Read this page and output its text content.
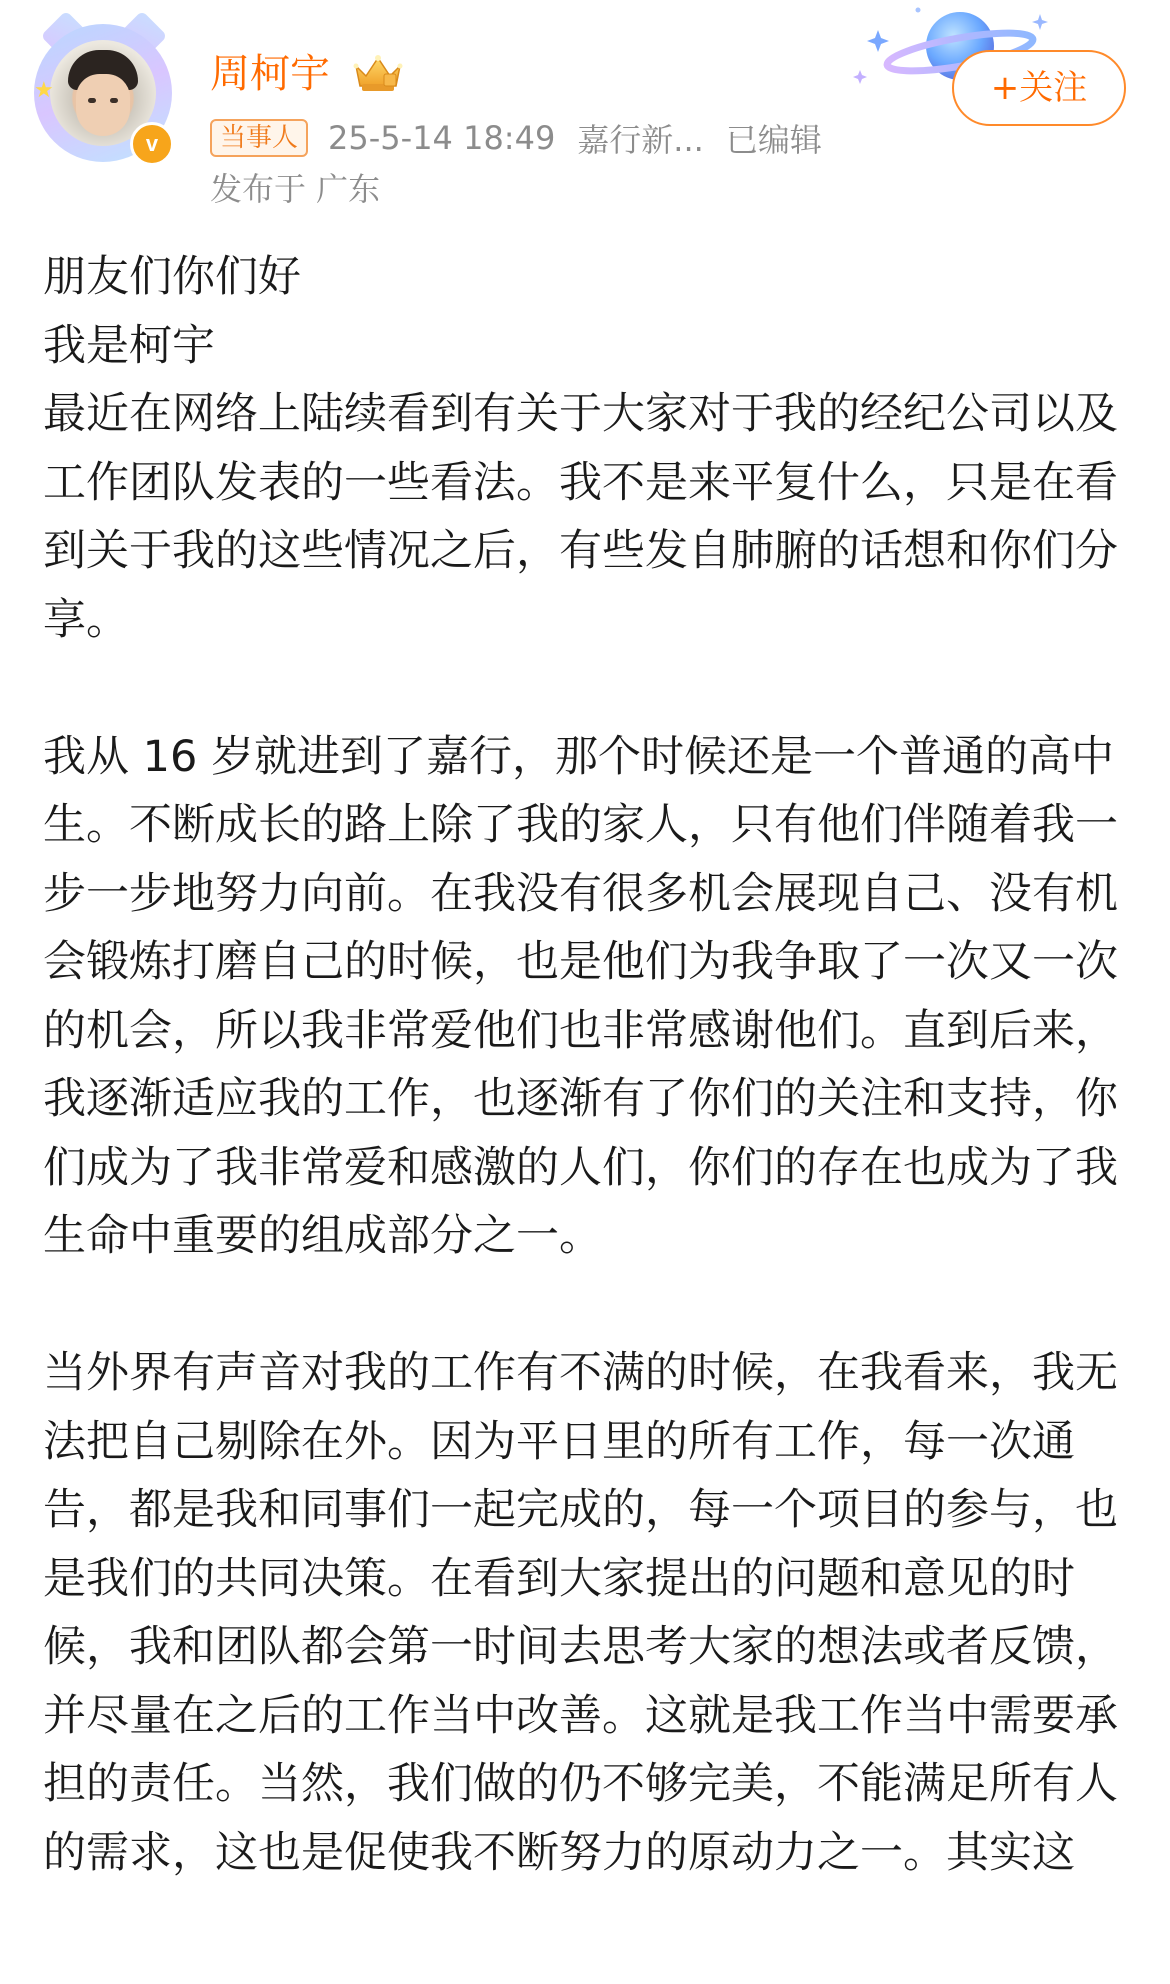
★
v
周柯宇
当事人 25-5-14 18:49 嘉行新... 已编辑
发布于 广东
+关注

朋友们你们好
我是柯宇
最近在网络上陆续看到有关于大家对于我的经纪公司以及工作团队发表的一些看法。我不是来平复什么，只是在看到关于我的这些情况之后，有些发自肺腑的话想和你们分享。

我从 16 岁就进到了嘉行，那个时候还是一个普通的高中生。不断成长的路上除了我的家人，只有他们伴随着我一步一步地努力向前。在我没有很多机会展现自己、没有机会锻炼打磨自己的时候，也是他们为我争取了一次又一次的机会，所以我非常爱他们也非常感谢他们。直到后来，我逐渐适应我的工作，也逐渐有了你们的关注和支持，你们成为了我非常爱和感激的人们，你们的存在也成为了我生命中重要的组成部分之一。

当外界有声音对我的工作有不满的时候，在我看来，我无法把自己剔除在外。因为平日里的所有工作，每一次通告，都是我和同事们一起完成的，每一个项目的参与，也是我们的共同决策。在看到大家提出的问题和意见的时候，我和团队都会第一时间去思考大家的想法或者反馈，并尽量在之后的工作当中改善。这就是我工作当中需要承担的责任。当然，我们做的仍不够完美，不能满足所有人的需求，这也是促使我不断努力的原动力之一。其实这
